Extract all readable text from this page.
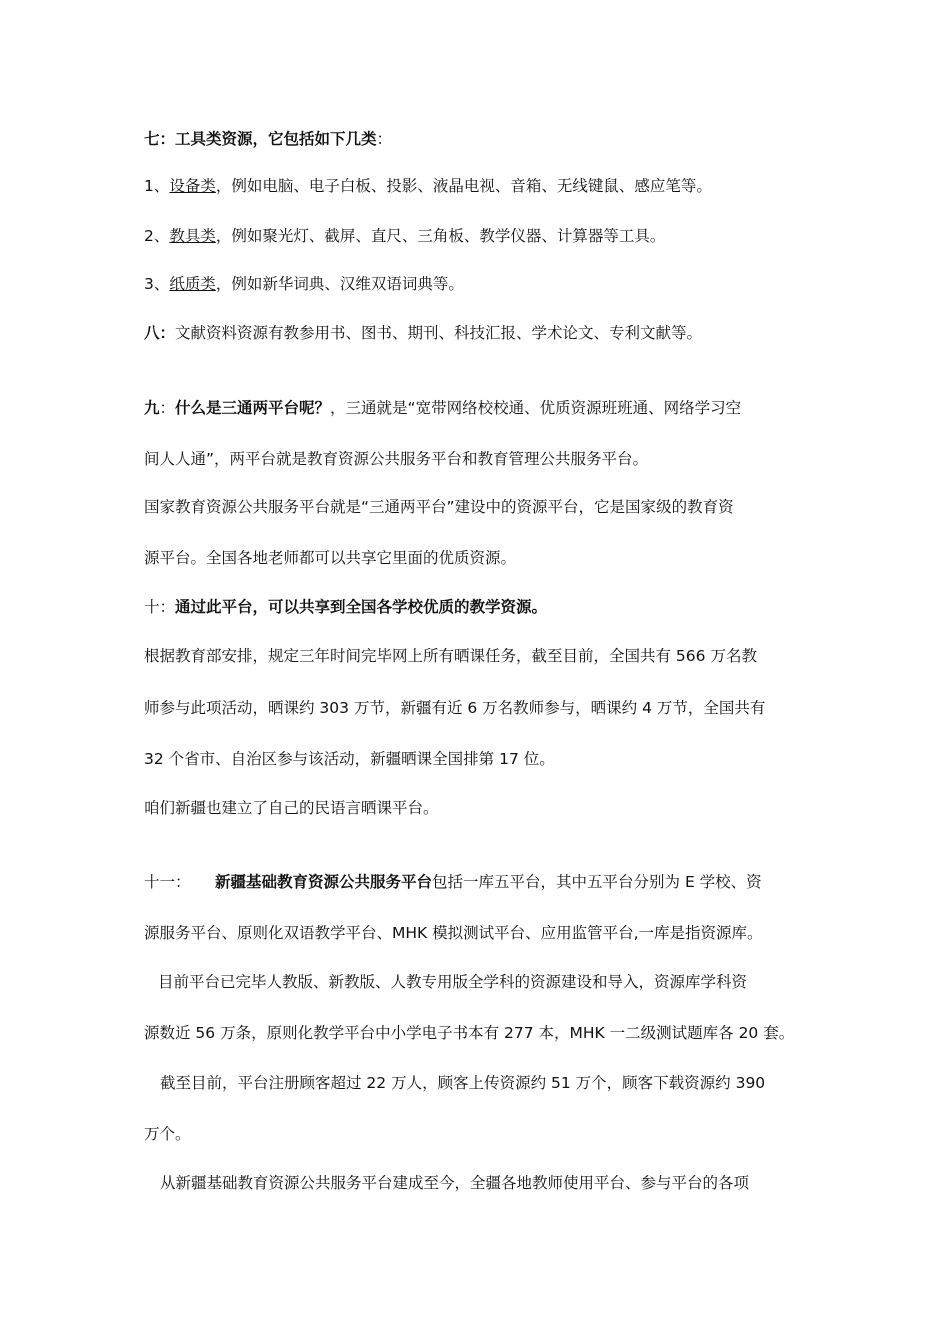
七：工具类资源，它包括如下几类：
1、设备类，例如电脑、电子白板、投影、液晶电视、音箱、无线键鼠、感应笔等。
2、教具类，例如聚光灯、截屏、直尺、三角板、教学仪器、计算器等工具。
3、纸质类，例如新华词典、汉维双语词典等。
八：文献资料资源有教参用书、图书、期刊、科技汇报、学术论文、专利文献等。
九：什么是三通两平台呢？，三通就是“宽带网络校校通、优质资源班班通、网络学习空
间人人通”，两平台就是教育资源公共服务平台和教育管理公共服务平台。
国家教育资源公共服务平台就是“三通两平台”建设中的资源平台，它是国家级的教育资
源平台。全国各地老师都可以共享它里面的优质资源。
十：通过此平台，可以共享到全国各学校优质的教学资源。
根据教育部安排，规定三年时间完毕网上所有晒课任务，截至目前，全国共有 566 万名教
师参与此项活动，晒课约 303 万节，新疆有近 6 万名教师参与，晒课约 4 万节，全国共有
32 个省市、自治区参与该活动，新疆晒课全国排第 17 位。
咱们新疆也建立了自己的民语言晒课平台。
十一： 新疆基础教育资源公共服务平台包括一库五平台，其中五平台分别为 E 学校、资
源服务平台、原则化双语教学平台、MHK 模拟测试平台、应用监管平台,一库是指资源库。
目前平台已完毕人教版、新教版、人教专用版全学科的资源建设和导入，资源库学科资
源数近 56 万条，原则化教学平台中小学电子书本有 277 本，MHK 一二级测试题库各 20 套。
截至目前，平台注册顾客超过 22 万人，顾客上传资源约 51 万个，顾客下载资源约 390
万个。
从新疆基础教育资源公共服务平台建成至今，全疆各地教师使用平台、参与平台的各项
